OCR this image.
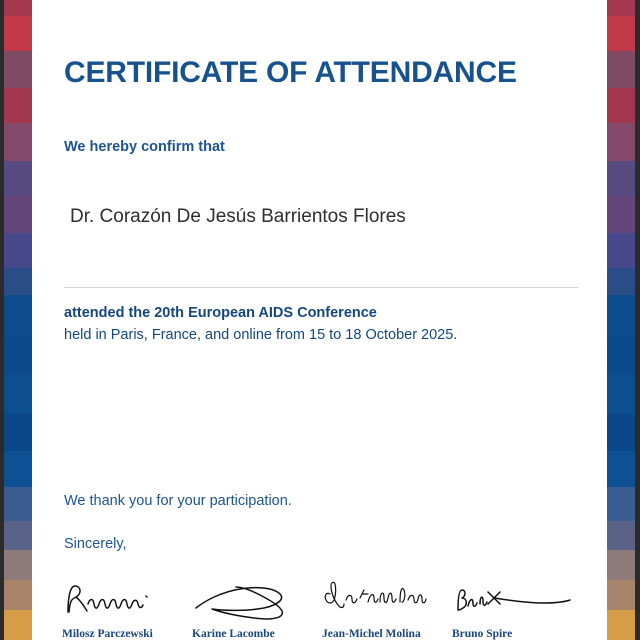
CERTIFICATE OF ATTENDANCE
We hereby confirm that
Dr. Corazón De Jesús Barrientos Flores
attended the 20th European AIDS Conference
held in Paris, France, and online from 15 to 18 October 2025.
We thank you for your participation.
Sincerely,
Milosz Parczewski	Karine Lacombe	Jean-Michel Molina	Bruno Spire
